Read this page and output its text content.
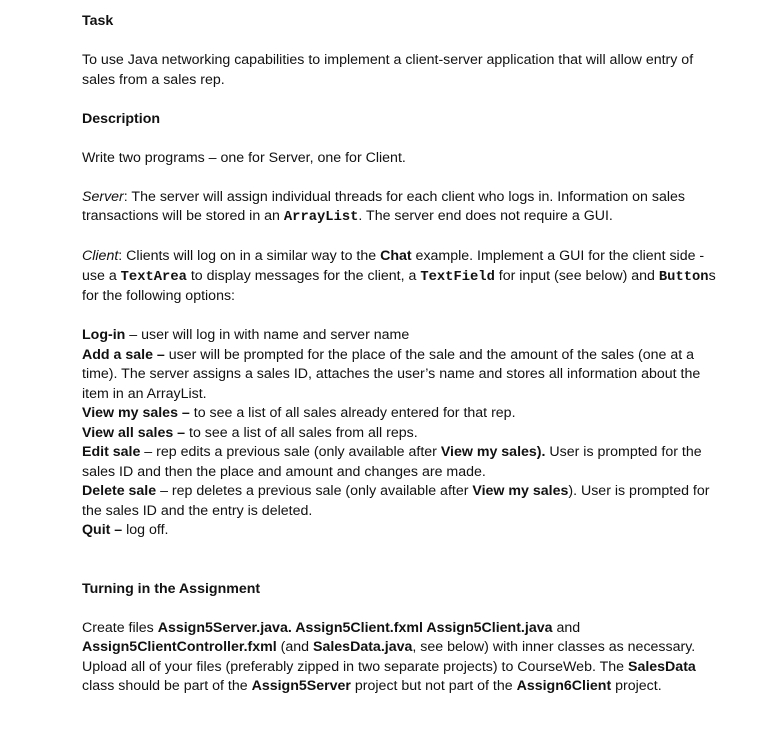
Task

To use Java networking capabilities to implement a client-server application that will allow entry of sales from a sales rep.

Description

Write two programs – one for Server, one for Client.

Server: The server will assign individual threads for each client who logs in. Information on sales transactions will be stored in an ArrayList. The server end does not require a GUI.

Client: Clients will log on in a similar way to the Chat example. Implement a GUI for the client side - use a TextArea to display messages for the client, a TextField for input (see below) and Buttons for the following options:

Log-in – user will log in with name and server name

Add a sale – user will be prompted for the place of the sale and the amount of the sales (one at a time). The server assigns a sales ID, attaches the user’s name and stores all information about the item in an ArrayList.

View my sales – to see a list of all sales already entered for that rep.

View all sales – to see a list of all sales from all reps.

Edit sale – rep edits a previous sale (only available after View my sales). User is prompted for the sales ID and then the place and amount and changes are made.

Delete sale – rep deletes a previous sale (only available after View my sales). User is prompted for the sales ID and the entry is deleted.

Quit – log off.

Turning in the Assignment

Create files Assign5Server.java. Assign5Client.fxml Assign5Client.java and Assign5ClientController.fxml (and SalesData.java, see below) with inner classes as necessary. Upload all of your files (preferably zipped in two separate projects) to CourseWeb. The SalesData class should be part of the Assign5Server project but not part of the Assign6Client project.
